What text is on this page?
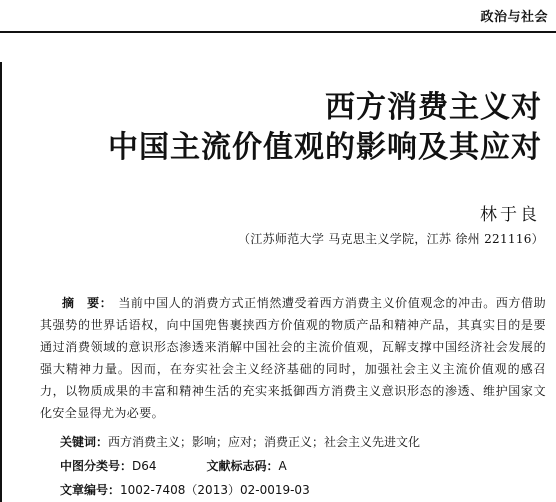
政治与社会
西方消费主义对
中国主流价值观的影响及其应对
林于良
（江苏师范大学 马克思主义学院，江苏 徐州 221116）
摘　要： 当前中国人的消费方式正悄然遭受着西方消费主义价值观念的冲击。西方借助其强势的世界话语权，向中国兜售裹挟西方价值观的物质产品和精神产品，其真实目的是要通过消费领域的意识形态渗透来消解中国社会的主流价值观，瓦解支撑中国经济社会发展的强大精神力量。因而，在夯实社会主义经济基础的同时，加强社会主义主流价值观的感召力，以物质成果的丰富和精神生活的充实来抵御西方消费主义意识形态的渗透、维护国家文化安全显得尤为必要。
关键词：西方消费主义；影响；应对；消费正义；社会主义先进文化
中图分类号：D64	文献标志码：A
文章编号：1002-7408（2013）02-0019-03
